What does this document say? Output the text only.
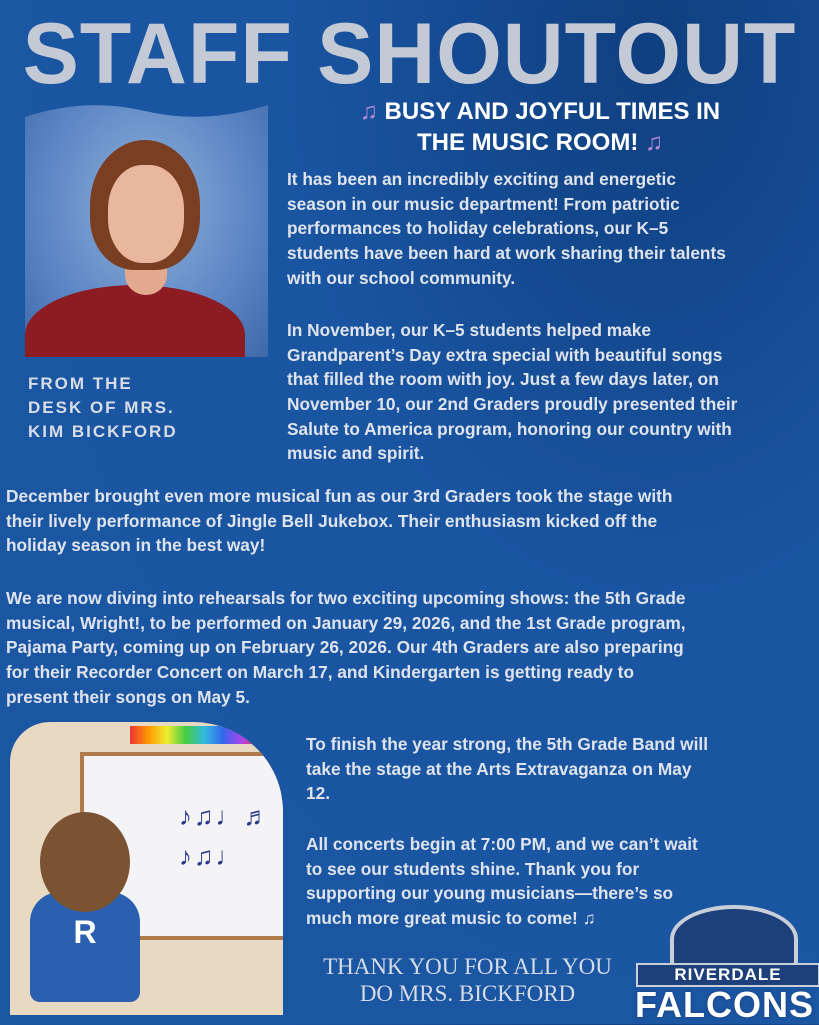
STAFF SHOUTOUT
♫ BUSY AND JOYFUL TIMES IN
THE MUSIC ROOM! ♫
FROM THE
DESK OF MRS.
KIM BICKFORD
It has been an incredibly exciting and energetic
season in our music department! From patriotic
performances to holiday celebrations, our K–5
students have been hard at work sharing their talents
with our school community.
In November, our K–5 students helped make
Grandparent’s Day extra special with beautiful songs
that filled the room with joy. Just a few days later, on
November 10, our 2nd Graders proudly presented their
Salute to America program, honoring our country with
music and spirit.
December brought even more musical fun as our 3rd Graders took the stage with
their lively performance of Jingle Bell Jukebox. Their enthusiasm kicked off the
holiday season in the best way!
We are now diving into rehearsals for two exciting upcoming shows: the 5th Grade
musical, Wright!, to be performed on January 29, 2026, and the 1st Grade program,
Pajama Party, coming up on February 26, 2026. Our 4th Graders are also preparing
for their Recorder Concert on March 17, and Kindergarten is getting ready to
present their songs on May 5.
To finish the year strong, the 5th Grade Band will
take the stage at the Arts Extravaganza on May
12.
All concerts begin at 7:00 PM, and we can’t wait
to see our students shine. Thank you for
supporting our young musicians—there’s so
much more great music to come! ♫
♪♫♩♬ ♪♫♩
R
THANK YOU FOR ALL YOU
DO MRS. BICKFORD
RIVERDALE
FALCONS
